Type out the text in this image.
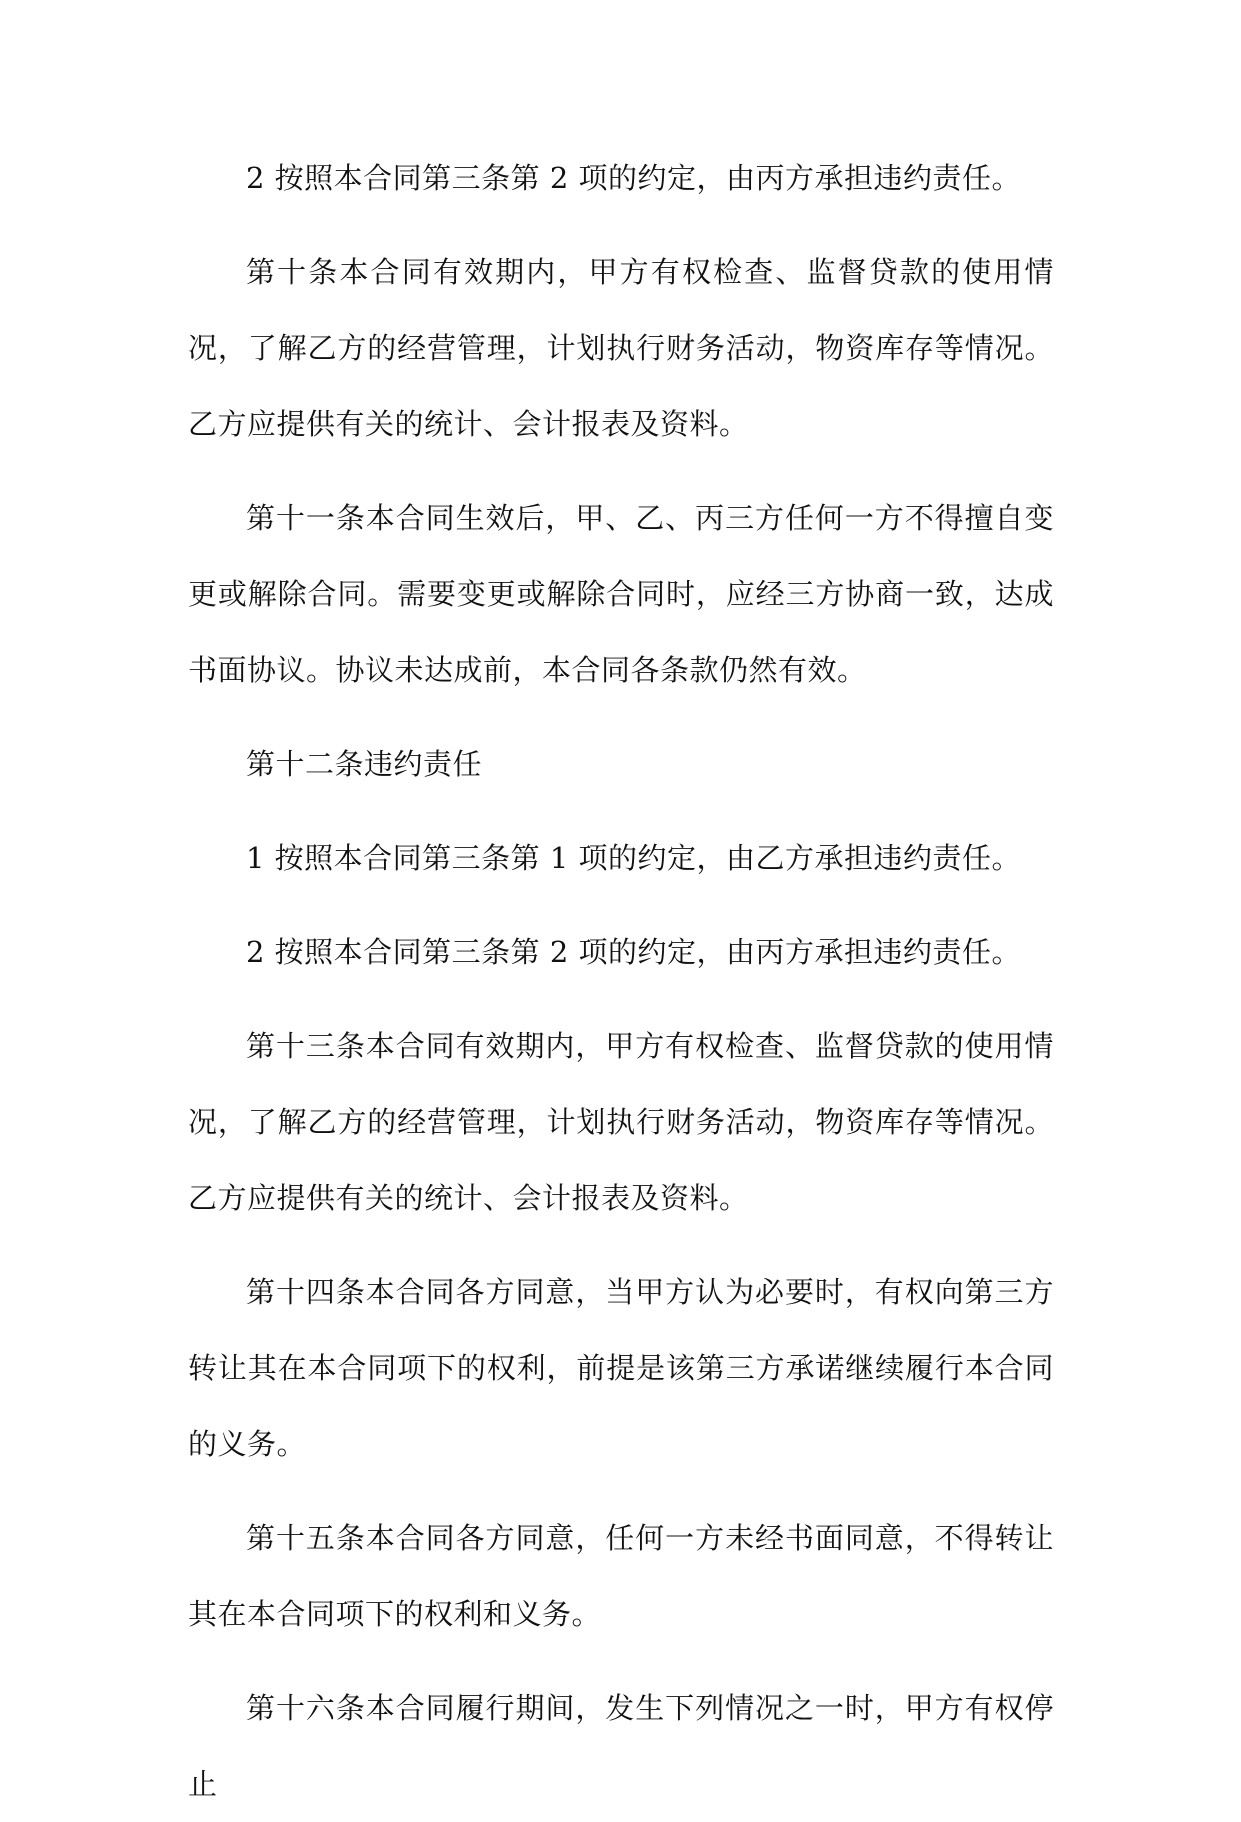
2 按照本合同第三条第 2 项的约定，由丙方承担违约责任。

第十条本合同有效期内，甲方有权检查、监督贷款的使用情况，了解乙方的经营管理，计划执行财务活动，物资库存等情况。乙方应提供有关的统计、会计报表及资料。

第十一条本合同生效后，甲、乙、丙三方任何一方不得擅自变更或解除合同。需要变更或解除合同时，应经三方协商一致，达成书面协议。协议未达成前，本合同各条款仍然有效。

第十二条违约责任

1 按照本合同第三条第 1 项的约定，由乙方承担违约责任。

2 按照本合同第三条第 2 项的约定，由丙方承担违约责任。

第十三条本合同有效期内，甲方有权检查、监督贷款的使用情况，了解乙方的经营管理，计划执行财务活动，物资库存等情况。乙方应提供有关的统计、会计报表及资料。

第十四条本合同各方同意，当甲方认为必要时，有权向第三方转让其在本合同项下的权利，前提是该第三方承诺继续履行本合同的义务。

第十五条本合同各方同意，任何一方未经书面同意，不得转让其在本合同项下的权利和义务。

第十六条本合同履行期间，发生下列情况之一时，甲方有权停止
